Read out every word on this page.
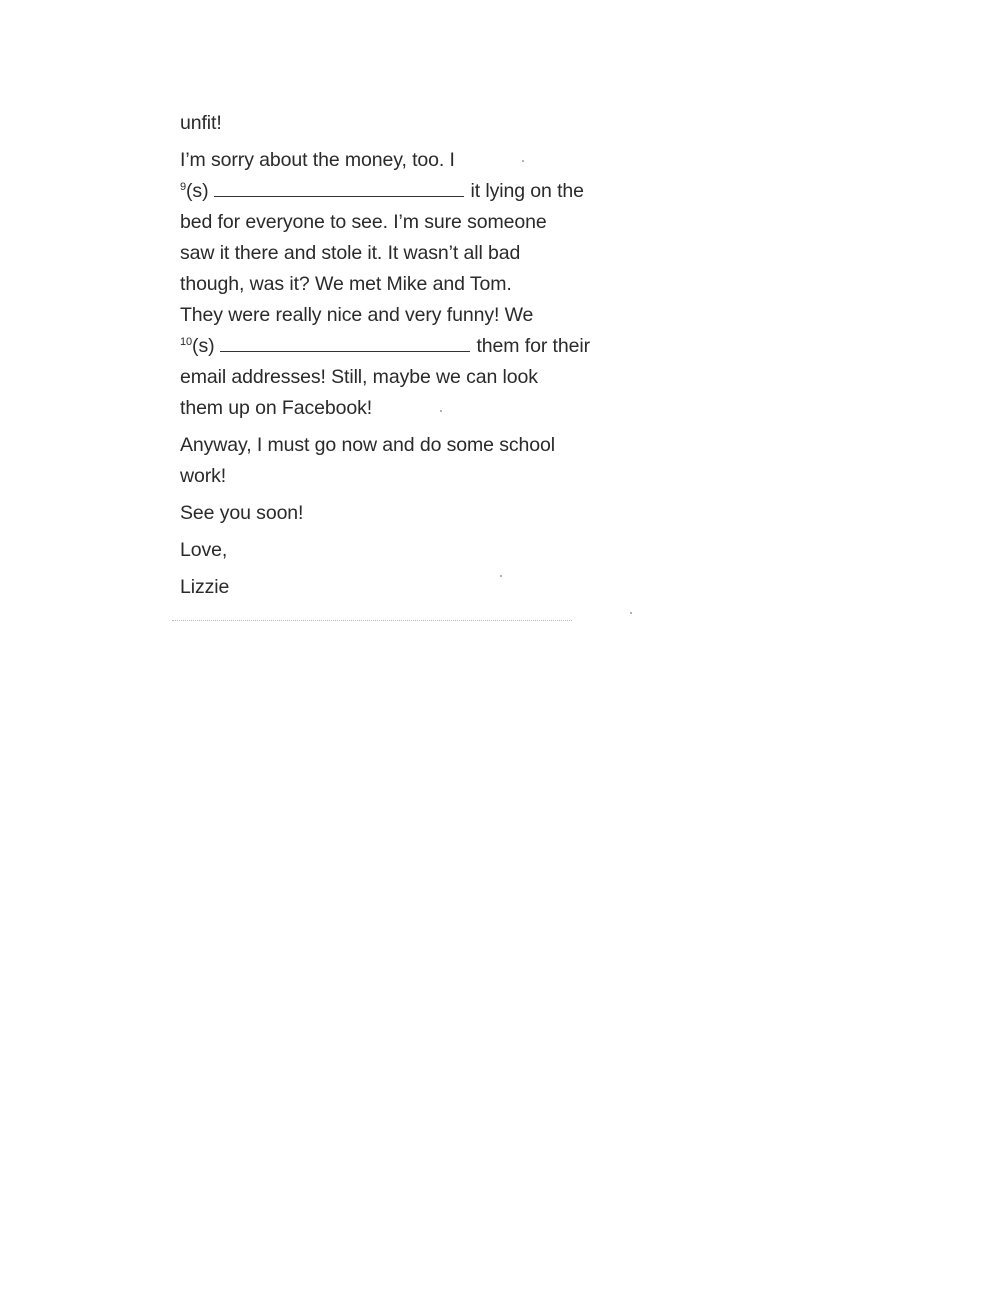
unfit!
I’m sorry about the money, too. I
$^9$(s)	it lying on the
bed for everyone to see. I’m sure someone
saw it there and stole it. It wasn’t all bad
though, was it? We met Mike and Tom.
They were really nice and very funny! We
$^{10}$(s)	them for their
email addresses! Still, maybe we can look
them up on Facebook!
Anyway, I must go now and do some school
work!
See you soon!
Love,
Lizzie
